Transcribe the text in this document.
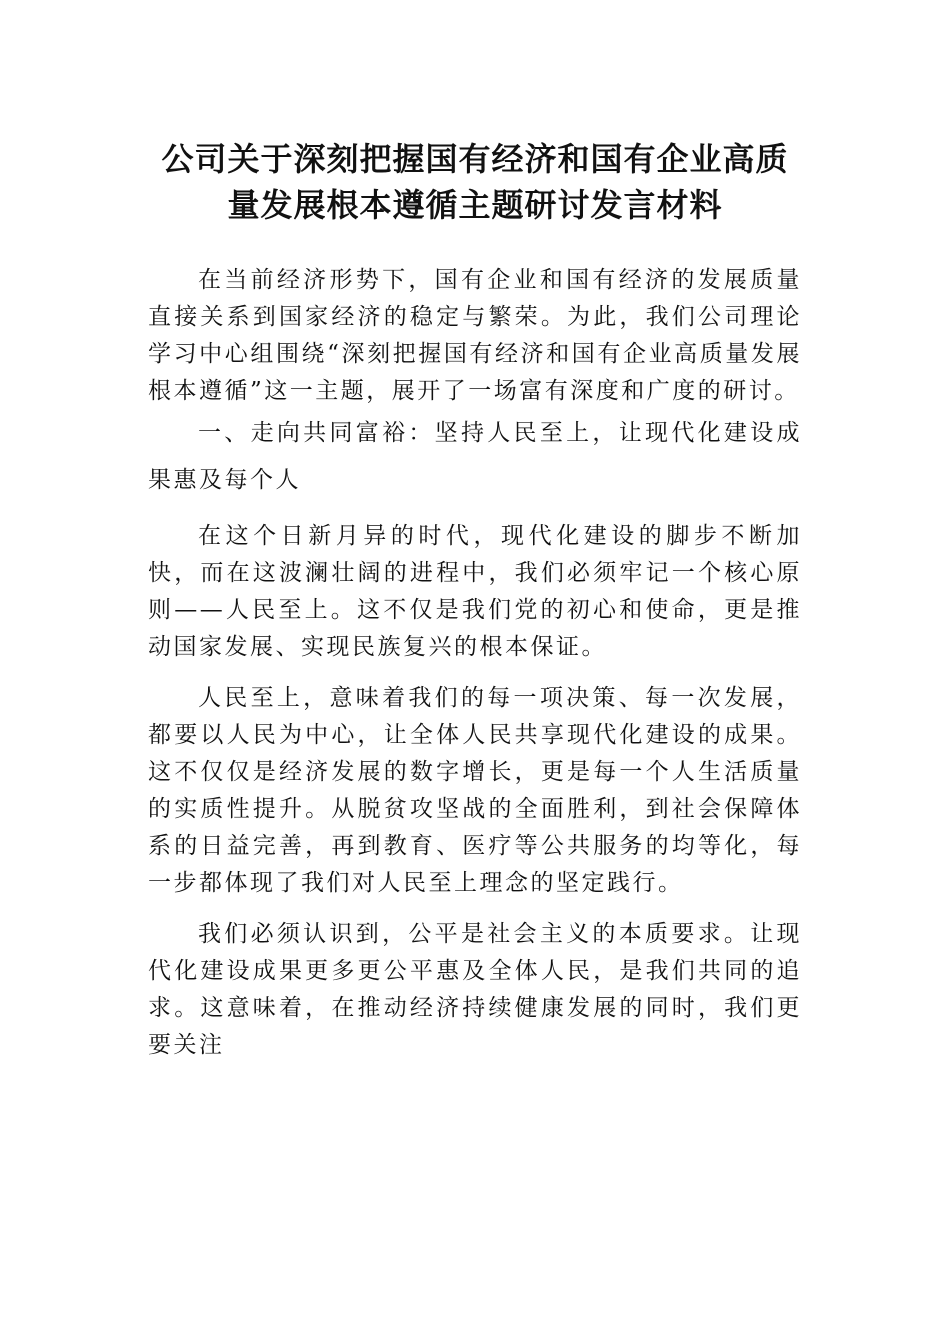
公司关于深刻把握国有经济和国有企业高质量发展根本遵循主题研讨发言材料

在当前经济形势下，国有企业和国有经济的发展质量直接关系到国家经济的稳定与繁荣。为此，我们公司理论学习中心组围绕“深刻把握国有经济和国有企业高质量发展根本遵循”这一主题，展开了一场富有深度和广度的研讨。

一、走向共同富裕：坚持人民至上，让现代化建设成果惠及每个人

在这个日新月异的时代，现代化建设的脚步不断加快，而在这波澜壮阔的进程中，我们必须牢记一个核心原则——人民至上。这不仅是我们党的初心和使命，更是推动国家发展、实现民族复兴的根本保证。

人民至上，意味着我们的每一项决策、每一次发展，都要以人民为中心，让全体人民共享现代化建设的成果。这不仅仅是经济发展的数字增长，更是每一个人生活质量的实质性提升。从脱贫攻坚战的全面胜利，到社会保障体系的日益完善，再到教育、医疗等公共服务的均等化，每一步都体现了我们对人民至上理念的坚定践行。

我们必须认识到，公平是社会主义的本质要求。让现代化建设成果更多更公平惠及全体人民，是我们共同的追求。这意味着，在推动经济持续健康发展的同时，我们更要关注
